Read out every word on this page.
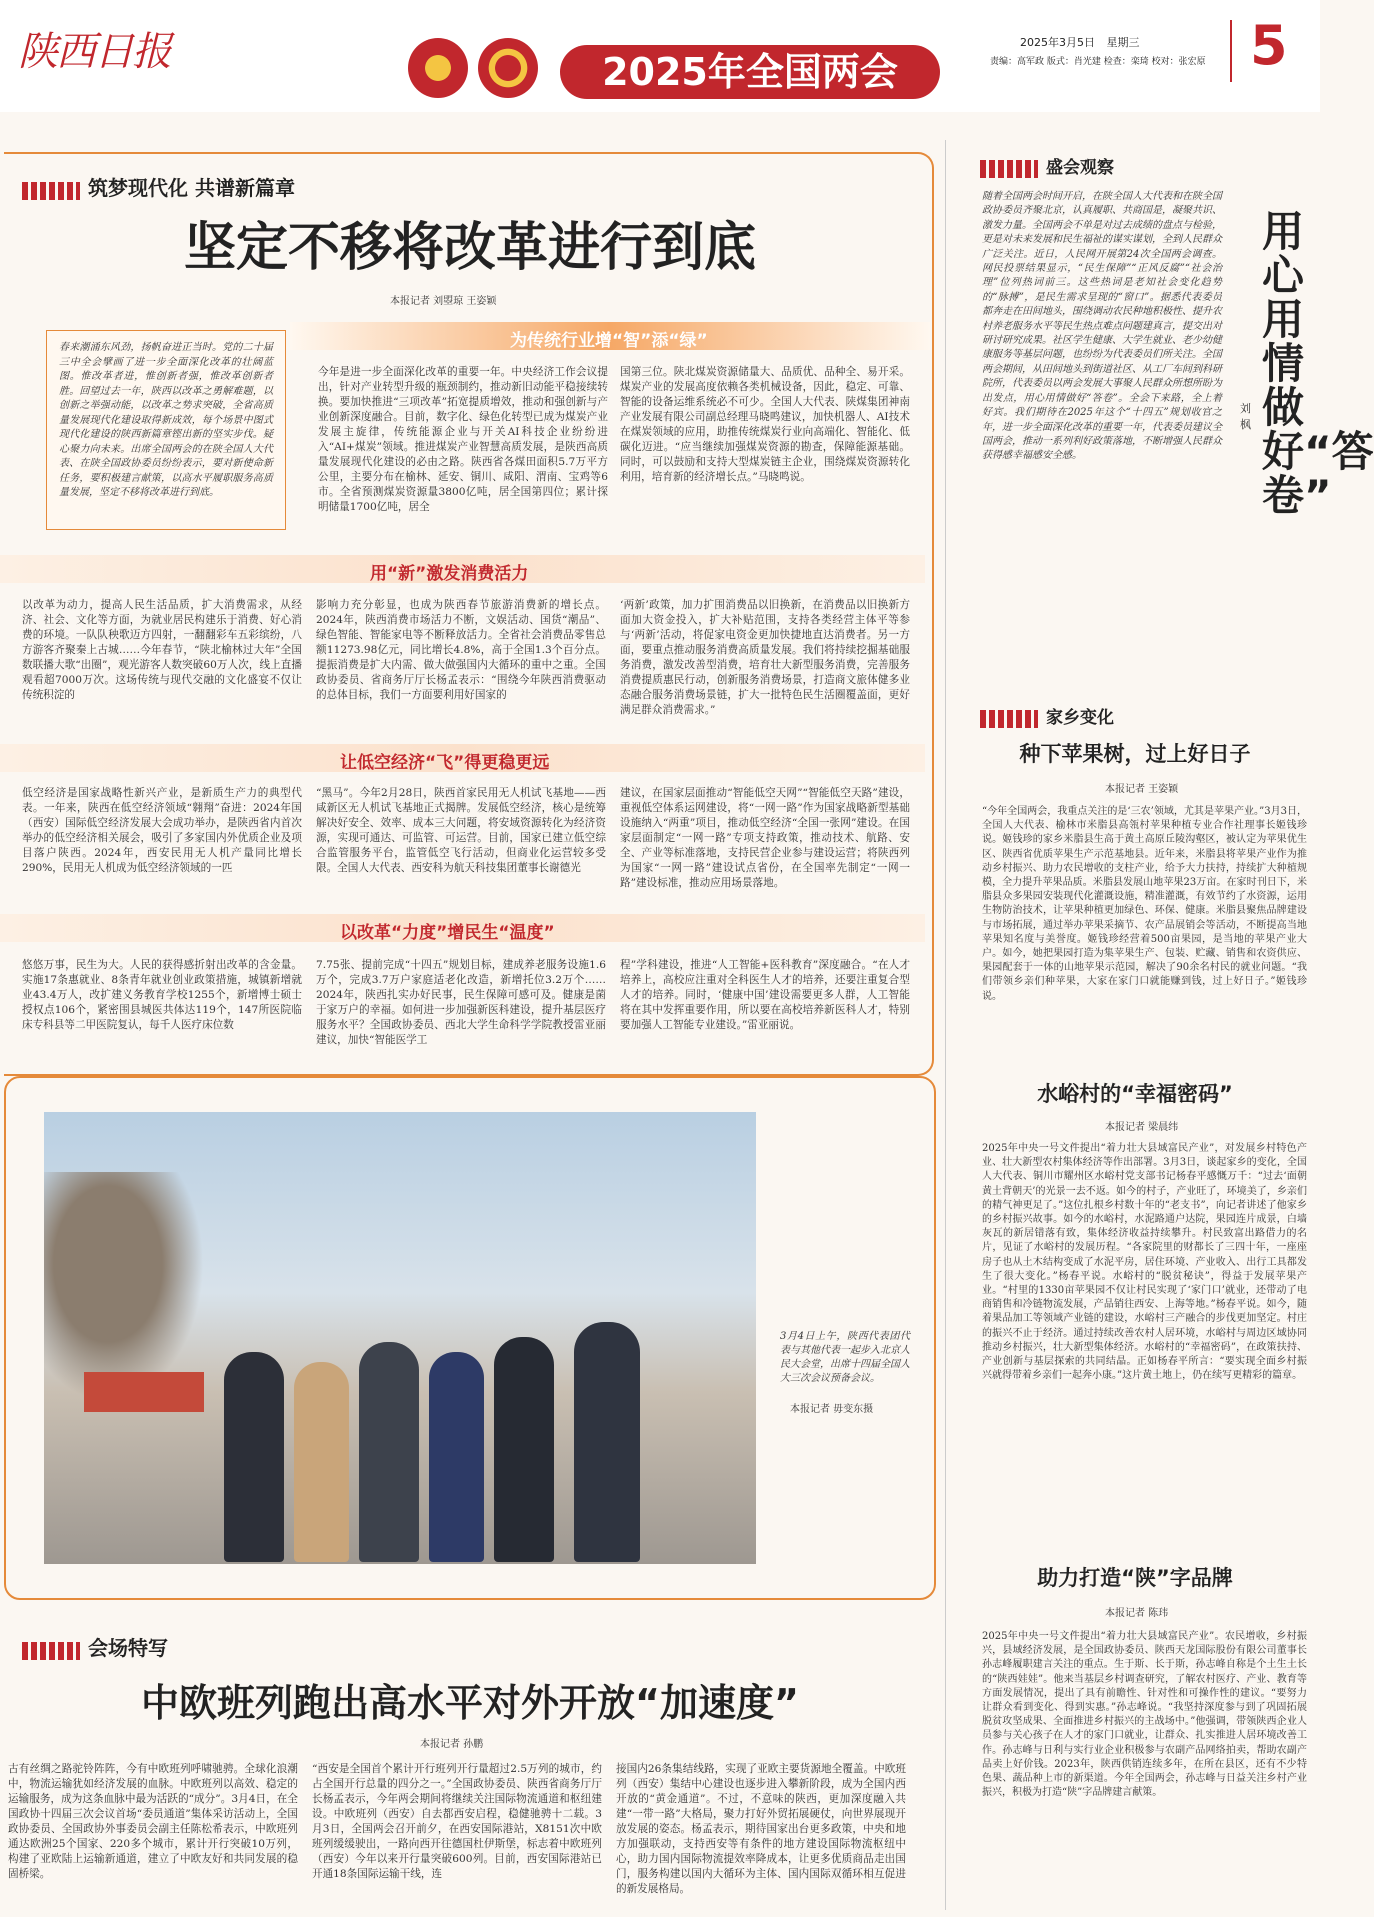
陕西日报	2025年全国两会
2025年3月5日 星期三
责编：高军政 版式：肖光建 检查：栾琦 校对：张宏原 5
筑梦现代化 共谱新篇章
坚定不移将改革进行到底
本报记者 刘曌琼 王姿颖
春来潮涌东风劲，扬帆奋进正当时。党的二十届三中全会擘画了进一步全面深化改革的壮阔蓝图。惟改革者进，惟创新者强，惟改革创新者胜。回望过去一年，陕西以改革之勇解难题，以创新之举强动能，以改革之势求突破，全省高质量发展现代化建设取得新成效，每个场景中图式现代化建设的陕西新篇章铿出新的坚实步伐。疑心聚力向未来。出席全国两会的在陕全国人大代表、在陕全国政协委员纷纷表示，要对新使命新任务，要积极建言献策，以高水平履职服务高质量发展，坚定不移将改革进行到底。
为传统行业增“智”添“绿”
今年是进一步全面深化改革的重要一年。中央经济工作会议提出，针对产业转型升级的瓶颈制约，推动新旧动能平稳接续转换。要加快推进“三项改革”拓宽提质增效，推动和强创新与产业创新深度融合。目前，数字化、绿色化转型已成为煤炭产业发展主旋律，传统能源企业与开关AI科技企业纷纷进入“AI+煤炭”领域。推进煤炭产业智慧高质发展，是陕西高质量发展现代化建设的必由之路。陕西省各煤田面积5.7万平方公里，主要分布在榆林、延安、铜川、咸阳、渭南、宝鸡等6市。全省预测煤炭资源量3800亿吨，居全国第四位；累计探明储量1700亿吨，居全
国第三位。陕北煤炭资源储量大、品质优、品种全、易开采。煤炭产业的发展高度依赖各类机械设备，因此，稳定、可靠、智能的设备运维系统必不可少。全国人大代表、陕煤集团神南产业发展有限公司副总经理马晓鸣建议，加快机器人、AI技术在煤炭领域的应用，助推传统煤炭行业向高端化、智能化、低碳化迈进。“应当继续加强煤炭资源的勘查，保障能源基础。同时，可以鼓励和支持大型煤炭链主企业，围绕煤炭资源转化利用，培育新的经济增长点。”马晓鸣说。
用“新”激发消费活力
以改革为动力，提高人民生活品质，扩大消费需求，从经济、社会、文化等方面，为就业居民构建乐于消费、好心消费的环境。一队队秧歌迈方四射，一翻翻彩车五彩缤纷，八方游客齐聚秦上古城……今年春节，“陕北榆林过大年”全国数联播大歌“出圈”，观光游客人数突破60万人次，线上直播观看超7000万次。这场传统与现代交融的文化盛宴不仅让传统积淀的
影响力充分彰显，也成为陕西春节旅游消费新的增长点。2024年，陕西消费市场活力不断，文娱活动、国货“潮品”、绿色智能、智能家电等不断释放活力。全省社会消费品零售总额11273.98亿元，同比增长4.8%，高于全国1.3个百分点。提振消费是扩大内需、做大做强国内大循环的重中之重。全国政协委员、省商务厅厅长杨孟表示：“围绕今年陕西消费驱动的总体目标，我们一方面要利用好国家的
‘两新’政策，加力扩围消费品以旧换新，在消费品以旧换新方面加大资金投入，扩大补贴范围，支持各类经营主体平等参与‘两新’活动，将促家电资金更加快捷地直达消费者。另一方面，要重点推动服务消费高质量发展。我们将持续挖掘基础服务消费，激发改善型消费，培育壮大新型服务消费，完善服务消费提质惠民行动，创新服务消费场景，打造商文旅体健多业态融合服务消费场景链，扩大一批特色民生活圈覆盖面，更好满足群众消费需求。”
让低空经济“飞”得更稳更远
低空经济是国家战略性新兴产业，是新质生产力的典型代表。一年来，陕西在低空经济领域“翱翔”奋进：2024年国（西安）国际低空经济发展大会成功举办，是陕西省内首次举办的低空经济相关展会，吸引了多家国内外优质企业及项目落户陕西。2024年，西安民用无人机产量同比增长290%，民用无人机成为低空经济领域的一匹
“黑马”。今年2月28日，陕西首家民用无人机试飞基地——西咸新区无人机试飞基地正式揭牌。发展低空经济，核心是统筹解决好安全、效率、成本三大问题，将安域资源转化为经济资源，实现可通达、可监管、可运营。目前，国家已建立低空综合监管服务平台，监管低空飞行活动，但商业化运营较多受限。全国人大代表、西安科为航天科技集团董事长谢德光
建议，在国家层面推动“智能低空天网”“智能低空天路”建设，重视低空体系运网建设，将“一网一路”作为国家战略新型基础设施纳入“两重”项目，推动低空经济“全国一张网”建设。在国家层面制定“一网一路”专项支持政策，推动技术、航路、安全、产业等标准落地，支持民营企业参与建设运营；将陕西列为国家“一网一路”建设试点省份，在全国率先制定“一网一路”建设标准，推动应用场景落地。
以改革“力度”增民生“温度”
悠悠万事，民生为大。人民的获得感折射出改革的含金量。实施17条惠就业、8条青年就业创业政策措施，城镇新增就业43.4万人，改扩建义务教育学校1255个，新增博士硕士授权点106个，紧密围县城医共体达119个，147所医院临床专科县等二甲医院复认，每千人医疗床位数
7.75张、提前完成“十四五”规划目标，建成养老服务设施1.6万个，完成3.7万户家庭适老化改造，新增托位3.2万个……2024年，陕西扎实办好民事，民生保障可感可及。健康是菌于家万户的幸福。如何进一步加强新医科建设，提升基层医疗服务水平？全国政协委员、西北大学生命科学学院教授雷亚丽建议，加快“智能医学工
程”学科建设，推进“人工智能+医科教育”深度融合。“在人才培养上，高校应注重对全科医生人才的培养，还要注重复合型人才的培养。同时，‘健康中国’建设需要更多人群，人工智能将在其中发挥重要作用，所以要在高校培养新医科人才，特别要加强人工智能专业建设。”雷亚丽说。
3月4日上午，陕西代表团代表与其他代表一起步入北京人民大会堂，出席十四届全国人大三次会议预备会议。
本报记者 毋变东摄
会场特写
中欧班列跑出高水平对外开放“加速度”
本报记者 孙鹏
古有丝绸之路驼铃阵阵，今有中欧班列呼啸驰骋。全球化浪潮中，物流运输犹如经济发展的血脉。中欧班列以高效、稳定的运输服务，成为这条血脉中最为活跃的“成分”。3月4日，在全国政协十四届三次会议首场“委员通道”集体采访活动上，全国政协委员、全国政协外事委员会副主任陈松希表示，中欧班列通达欧洲25个国家、220多个城市，累计开行突破10万列，构建了亚欧陆上运输新通道，建立了中欧友好和共同发展的稳固桥梁。
“西安是全国首个累计开行班列开行量超过2.5万列的城市，约占全国开行总量的四分之一。”全国政协委员、陕西省商务厅厅长杨孟表示，今年两会期间将继续关注国际物流通道和枢纽建设。中欧班列（西安）自去都西安启程，稳健驰骋十二载。3月3日，全国两会召开前夕，在西安国际港站，X8151次中欧班列缓缓驶出，一路向西开往德国杜伊斯堡，标志着中欧班列（西安）今年以来开行量突破600列。目前，西安国际港站已开通18条国际运输干线，连
接国内26条集结线路，实现了亚欧主要货源地全覆盖。中欧班列（西安）集结中心建设也逐步进入攀新阶段，成为全国内西开放的“黄金通道”。不过，不意味的陕西，更加深度融入共建“一带一路”大格局，聚力打好外贸拓展硬仗，向世界展现开放发展的姿态。杨孟表示，期待国家出台更多政策，中央和地方加强联动，支持西安等有条件的地方建设国际物流枢纽中心，助力国内国际物流提效率降成本，让更多优质商品走出国门，服务构建以国内大循环为主体、国内国际双循环相互促进的新发展格局。
盛会观察
随着全国两会时间开启，在陕全国人大代表和在陕全国政协委员齐聚北京，认真履职、共商国是，凝聚共识、激发力量。全国两会不单是对过去成绩的盘点与检验，更是对未来发展和民生福祉的谋实谋划，全到人民群众广泛关注。近日，人民网开展第24次全国两会调查。网民投票结果显示，“民生保障”“正风反腐”“社会治理”位列热词前三。这些热词是老知社会变化趋势的“脉搏”，是民生需求呈现的“窗口”。据悉代表委员都奔走在田间地头，围绕调动农民种地积极性、提升农村养老服务水平等民生热点难点问题建真言，提交出对研讨研究成果。社区学生健康、大学生就业、老少幼健康服务等基层问题，也纷纷为代表委员们所关注。全国两会期间，从田间地头到街道社区、从工厂车间到科研院所，代表委员以两会发展大事聚人民群众所想所盼为出发点，用心用情做好“答卷”。全会下来路，全上着好宾。我们期待在2025年这个“十四五”规划收官之年，进一步全面深化改革的重要一年，代表委员建议全国两会，推动一系列利好政策落地，不断增强人民群众获得感幸福感安全感。
用心用情做好“答卷”
刘枫
家乡变化
种下苹果树，过上好日子
本报记者 王姿颖
“今年全国两会，我重点关注的是‘三农’领域，尤其是苹果产业。”3月3日，全国人大代表、榆林市米脂县高瓴村苹果种植专业合作社理事长姬钱珍说。姬钱珍的家乡米脂县生高于黄土高原丘陵沟壑区，被认定为苹果优生区、陕西省优质苹果生产示范基地县。近年来，米脂县将苹果产业作为推动乡村振兴、助力农民增收的支柱产业，给予大力扶持，持续扩大种植规模，全力提升苹果品质。米脂县发展山地苹果23万亩。在家时刊日下，米脂县众多果园安装现代化灌溉设施，精准灌溉，有效节约了水资源，运用生物防治技术，让苹果种植更加绿色、环保、健康。米脂县聚焦品牌建设与市场拓展，通过举办苹果采摘节、农产品展销会等活动，不断提高当地苹果知名度与美誉度。姬钱珍经营着500亩果园，是当地的苹果产业大户。如今，她把果园打造为集苹果生产、包装、贮藏、销售和农资供应、果园配套于一体的山地苹果示范园，解决了90余名村民的就业问题。“我们带领乡亲们种苹果，大家在家门口就能赚到钱，过上好日子。”姬钱珍说。
水峪村的“幸福密码”
本报记者 梁晨纬
2025年中央一号文件提出“着力壮大县域富民产业”，对发展乡村特色产业、壮大新型农村集体经济等作出部署。3月3日，谈起家乡的变化，全国人大代表、铜川市耀州区水峪村党支部书记杨春平感慨万千：“过去‘面朝黄土背朝天’的光景一去不返。如今的村子，产业旺了，环境美了，乡亲们的精气神更足了。”这位扎根乡村数十年的“老支书”，向记者讲述了他家乡的乡村振兴故事。如今的水峪村，水泥路通户达院，果园连片成景，白墙灰瓦的新居错落有致，集体经济收益持续攀升。村民致富出路借力的名片，见证了水峪村的发展历程。“各家院里的财都长了三四十年，一座座房子也从土木结构变成了水泥平房，居住环境、产业收入、出行工具都发生了很大变化。”杨春平说。水峪村的“脱贫秘诀”，得益于发展苹果产业。“村里的1330亩苹果园不仅让村民实现了‘家门口’就业，还带动了电商销售和冷链物流发展，产品销往西安、上海等地。”杨春平说。如今，随着果品加工等领域产业链的建设，水峪村三产融合的步伐更加坚定。村庄的振兴不止于经济。通过持续改善农村人居环境，水峪村与周边区域协同推动乡村振兴，壮大新型集体经济。水峪村的“幸福密码”，在政策扶持、产业创新与基层探索的共同结晶。正如杨春平所言：“要实现全面乡村振兴就得带着乡亲们一起奔小康。”这片黄土地上，仍在续写更精彩的篇章。
助力打造“陕”字品牌
本报记者 陈玮
2025年中央一号文件提出“着力壮大县域富民产业”。农民增收，乡村振兴，县域经济发展，是全国政协委员、陕西天龙国际股份有限公司董事长孙志峰履职建言关注的重点。生于斯、长于斯，孙志峰自称是个土生土长的“陕西娃娃”。他来当基层乡村调查研究，了解农村医疗、产业、教育等方面发展情况，提出了具有前瞻性、针对性和可操作性的建议。“要努力让群众看到变化、得到实惠。”孙志峰说。“我坚持深度参与到了巩固拓展脱贫攻坚成果、全面推进乡村振兴的主战场中。”他强调，带领陕西企业人员参与关心孩子在人才的家门口就业，让群众、扎实推进人居环境改善工作。孙志峰与日利与实行业企业积极参与农副产品网络拍卖，帮助农副产品卖上好价钱。2023年，陕西供销连续多年，在所在县区，还有不少特色果、蔬品种上市的新渠道。今年全国两会，孙志峰与日益关注乡村产业振兴，积极为打造“陕”字品牌建言献策。
